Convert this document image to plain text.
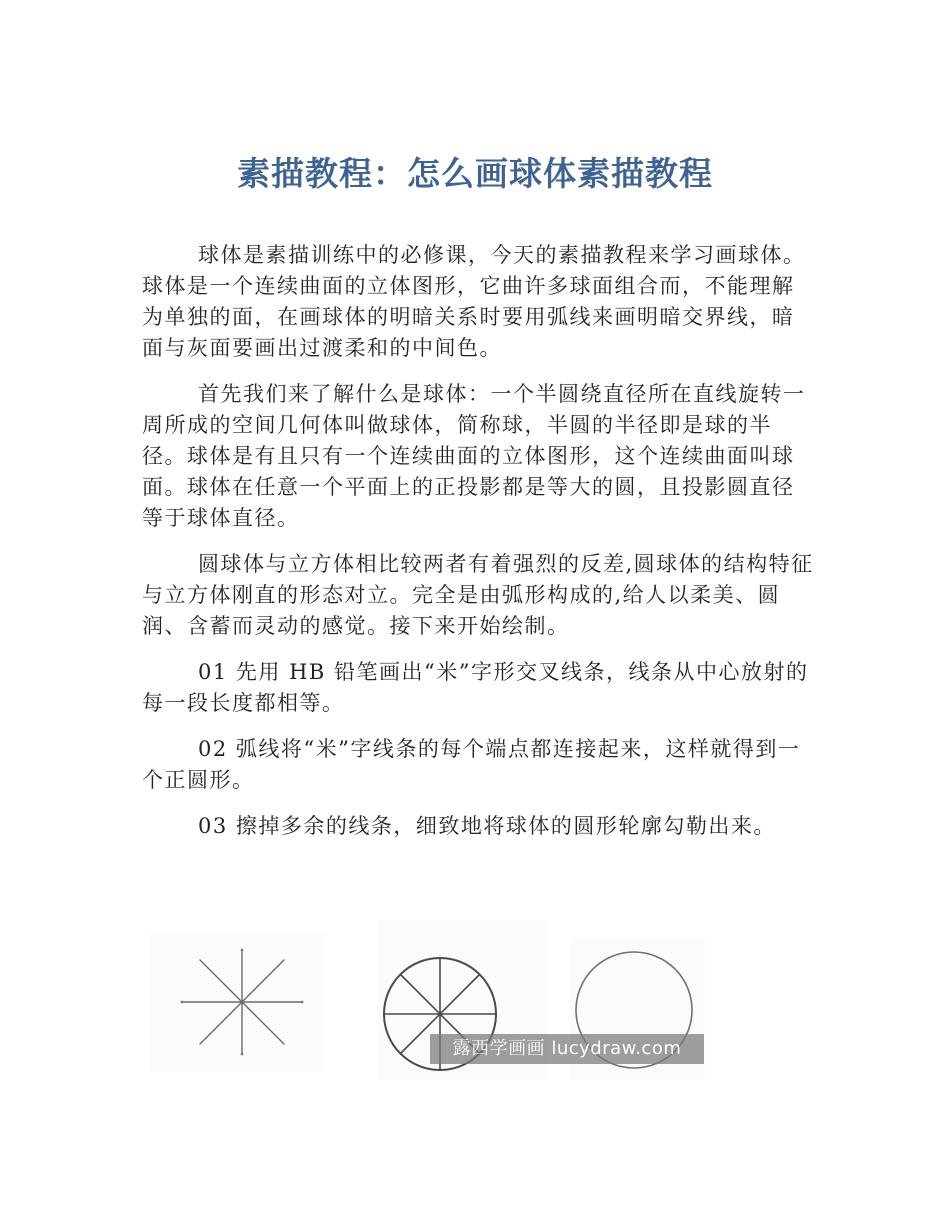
素描教程：怎么画球体素描教程

球体是素描训练中的必修课，今天的素描教程来学习画球体。球体是一个连续曲面的立体图形，它曲许多球面组合而，不能理解为单独的面，在画球体的明暗关系时要用弧线来画明暗交界线，暗面与灰面要画出过渡柔和的中间色。

首先我们来了解什么是球体：一个半圆绕直径所在直线旋转一周所成的空间几何体叫做球体，简称球，半圆的半径即是球的半径。球体是有且只有一个连续曲面的立体图形，这个连续曲面叫球面。球体在任意一个平面上的正投影都是等大的圆，且投影圆直径等于球体直径。

圆球体与立方体相比较两者有着强烈的反差,圆球体的结构特征与立方体刚直的形态对立。完全是由弧形构成的,给人以柔美、圆润、含蓄而灵动的感觉。接下来开始绘制。

01 先用 HB 铅笔画出“米”字形交叉线条，线条从中心放射的每一段长度都相等。

02 弧线将“米”字线条的每个端点都连接起来，这样就得到一个正圆形。

03 擦掉多余的线条，细致地将球体的圆形轮廓勾勒出来。

露西学画画 lucydraw.com
